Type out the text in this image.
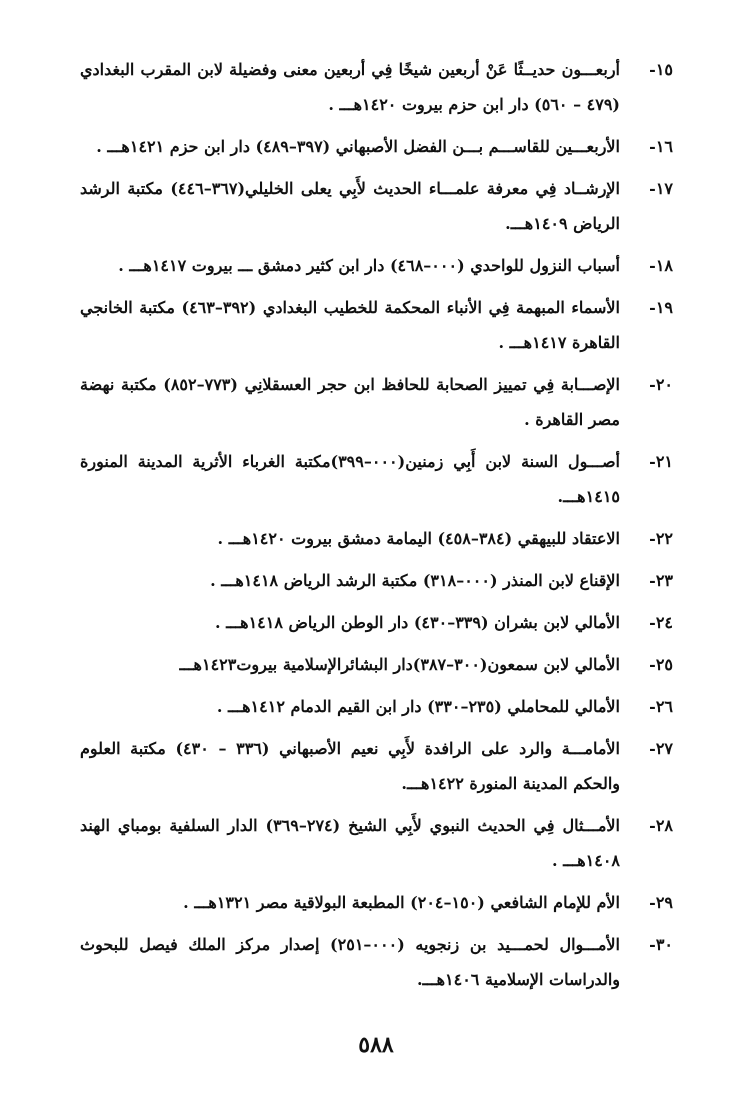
١٥-
أربعـــون حديــثًا عَنْ أربعين شيخًا فِي أربعين معنى وفضيلة لابن المقرب البغدادي (٤٧٩ – ٥٦٠) دار ابن حزم بيروت ١٤٢٠هـــ .
١٦-
الأربعـــين للقاســـم بـــن الفضل الأصبهاني (٣٩٧–٤٨٩) دار ابن حزم ١٤٢١هـــ .
١٧-
الإرشــاد فِي معرفة علمـــاء الحديث لأَبِي يعلى الخليلي(٣٦٧–٤٤٦) مكتبة الرشد الرياض ١٤٠٩هـــ.
١٨-
أسباب النزول للواحدي (٠٠٠–٤٦٨) دار ابن كثير دمشق ـــ بيروت ١٤١٧هـــ .
١٩-
الأسماء المبهمة فِي الأنباء المحكمة للخطيب البغدادي (٣٩٢–٤٦٣) مكتبة الخانجي القاهرة ١٤١٧هـــ .
٢٠-
الإصـــابة فِي تمييز الصحابة للحافظ ابن حجر العسقلانِي (٧٧٣–٨٥٢) مكتبة نهضة مصر القاهرة .
٢١-
أصـــول السنة لابن أَبِي زمنين(٠٠٠–٣٩٩)مكتبة الغرباء الأثرية المدينة المنورة ١٤١٥هـــ.
٢٢-
الاعتقاد للبيهقي (٣٨٤–٤٥٨) اليمامة دمشق بيروت ١٤٢٠هـــ .
٢٣-
الإقناع لابن المنذر (٠٠٠–٣١٨) مكتبة الرشد الرياض ١٤١٨هـــ .
٢٤-
الأمالي لابن بشران (٣٣٩–٤٣٠) دار الوطن الرياض ١٤١٨هـــ .
٢٥-
الأمالي لابن سمعون(٣٠٠–٣٨٧)دار البشائرالإسلامية بيروت١٤٢٣هـــ
٢٦-
الأمالي للمحاملي (٢٣٥–٣٣٠) دار ابن القيم الدمام ١٤١٢هـــ .
٢٧-
الأمامـــة والرد على الرافدة لأَبِي نعيم الأصبهاني (٣٣٦ – ٤٣٠) مكتبة العلوم والحكم المدينة المنورة ١٤٢٢هـــ.
٢٨-
الأمـــثال فِي الحديث النبوي لأَبِي الشيخ (٢٧٤–٣٦٩) الدار السلفية بومباي الهند ١٤٠٨هـــ .
٢٩-
الأم للإمام الشافعي (١٥٠–٢٠٤) المطبعة البولاقية مصر ١٣٢١هـــ .
٣٠-
الأمـــوال لحمـــيد بن زنجويه (٠٠٠–٢٥١) إصدار مركز الملك فيصل للبحوث والدراسات الإسلامية ١٤٠٦هـــ.
٥٨٨
